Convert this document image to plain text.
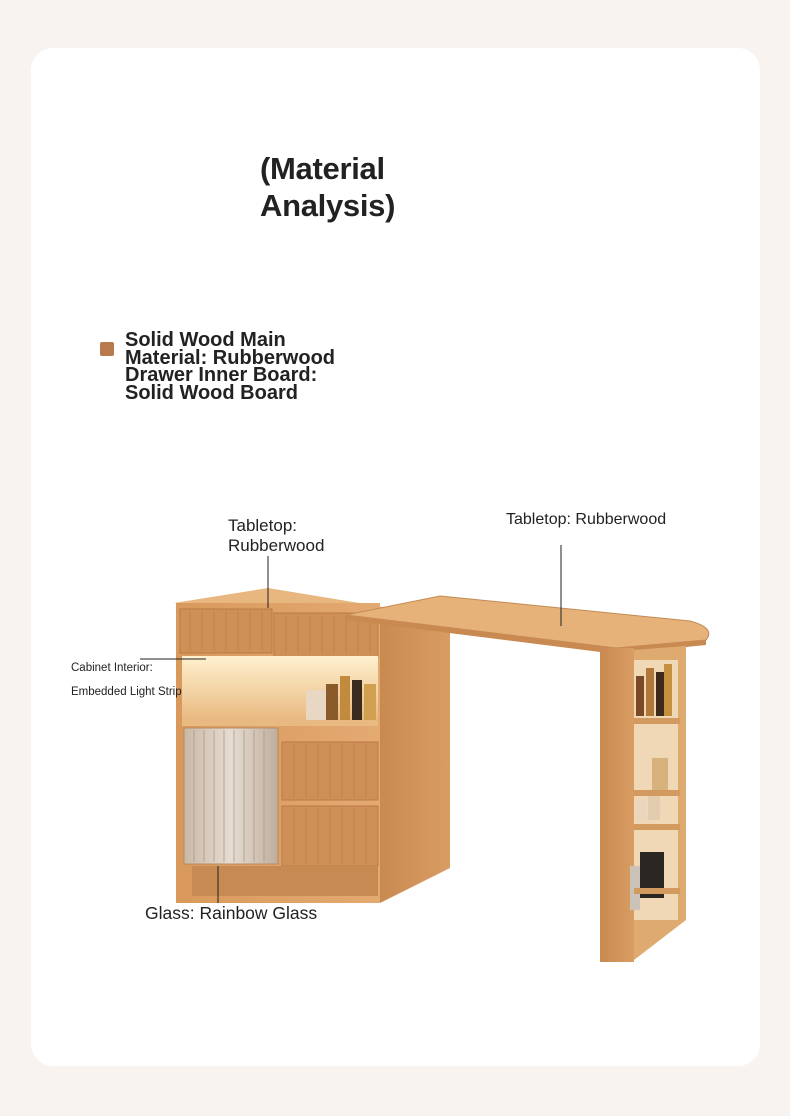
(Material
Analysis)
Solid Wood Main
Material: Rubberwood
Drawer Inner Board:
Solid Wood Board
Tabletop:
Rubberwood
Tabletop: Rubberwood
Cabinet Interior:
Embedded Light Strip
Glass: Rainbow Glass
